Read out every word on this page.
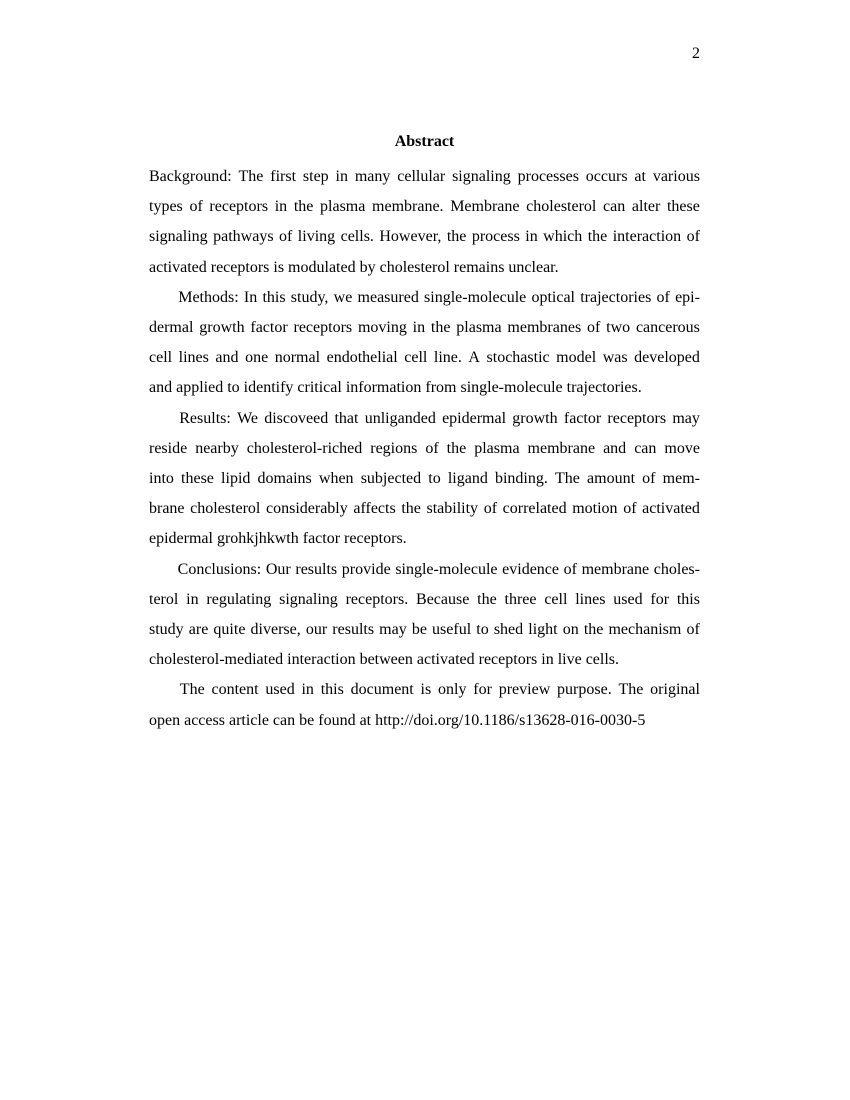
2
Abstract
Background: The first step in many cellular signaling processes occurs at various
types of receptors in the plasma membrane. Membrane cholesterol can alter these
signaling pathways of living cells. However, the process in which the interaction of
activated receptors is modulated by cholesterol remains unclear.
Methods: In this study, we measured single-molecule optical trajectories of epi-
dermal growth factor receptors moving in the plasma membranes of two cancerous
cell lines and one normal endothelial cell line. A stochastic model was developed
and applied to identify critical information from single-molecule trajectories.
Results: We discoveed that unliganded epidermal growth factor receptors may
reside nearby cholesterol-riched regions of the plasma membrane and can move
into these lipid domains when subjected to ligand binding. The amount of mem-
brane cholesterol considerably affects the stability of correlated motion of activated
epidermal grohkjhkwth factor receptors.
Conclusions: Our results provide single-molecule evidence of membrane choles-
terol in regulating signaling receptors. Because the three cell lines used for this
study are quite diverse, our results may be useful to shed light on the mechanism of
cholesterol-mediated interaction between activated receptors in live cells.
The content used in this document is only for preview purpose. The original
open access article can be found at http://doi.org/10.1186/s13628-016-0030-5
